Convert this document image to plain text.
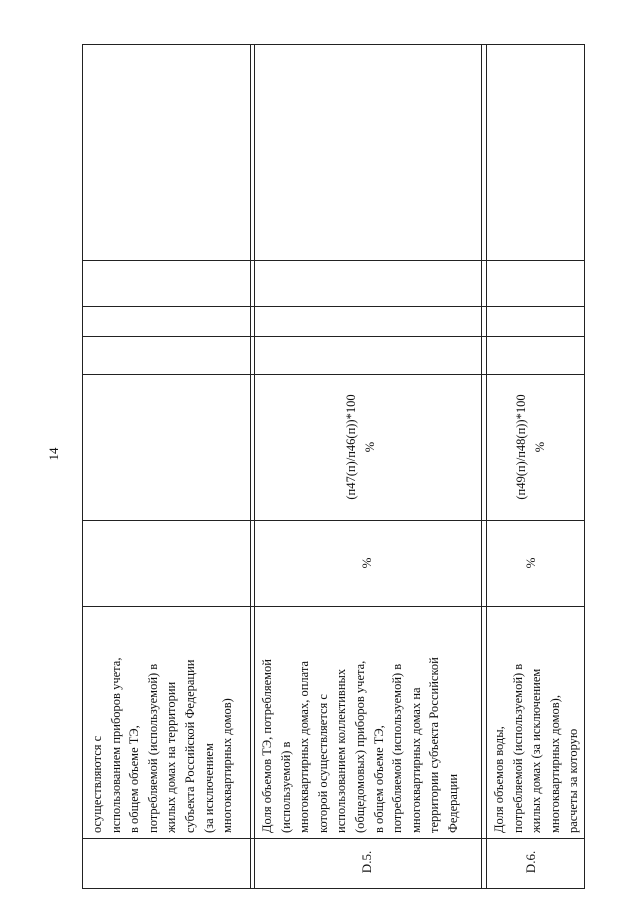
14

осуществляются с использованием приборов учета, в общем объеме ТЭ, потребляемой (используемой) в жилых домах на территории субъекта Российской Федерации (за исключением многоквартирных домов)

D.5.

Доля объемов ТЭ, потребляемой (используемой) в многоквартирных домах, оплата которой осуществляется с использованием коллективных (общедомовых) приборов учета, в общем объеме ТЭ, потребляемой (используемой) в многоквартирных домах на территории субъекта Российской Федерации

%

(п47(п)/п46(п))*100 %

D.6.

Доля объемов воды, потребляемой (используемой) в жилых домах (за исключением многоквартирных домов), расчеты за которую

%

(п49(п)/п48(п))*100 %
